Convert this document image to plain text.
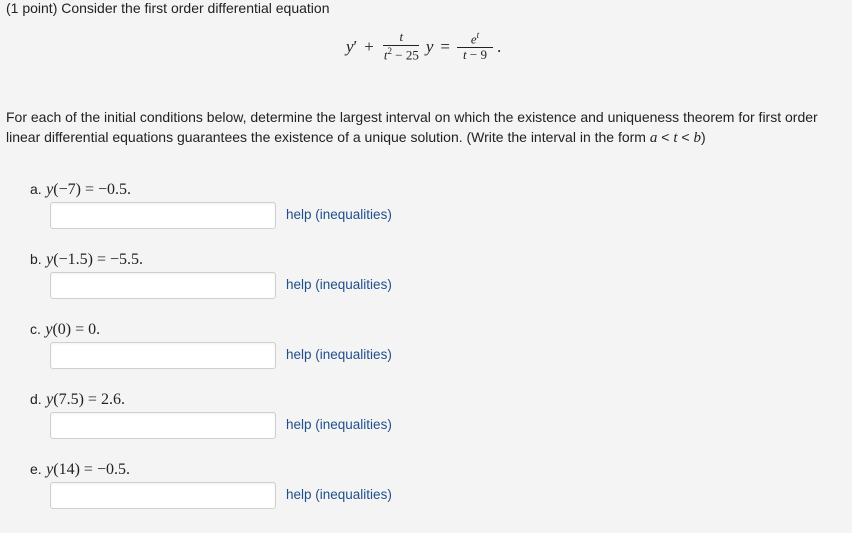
(1 point) Consider the first order differential equation
$y' + \frac{t}{t^2 - 25}$ $y = \frac{e^t}{t - 9}$ .
For each of the initial conditions below, determine the largest interval on which the existence and uniqueness theorem for first order linear differential equations guarantees the existence of a unique solution. (Write the interval in the form a < t < b)
a. y(−7) = −0.5.
help (inequalities)
b. y(−1.5) = −5.5.
help (inequalities)
c. y(0) = 0.
help (inequalities)
d. y(7.5) = 2.6.
help (inequalities)
e. y(14) = −0.5.
help (inequalities)
